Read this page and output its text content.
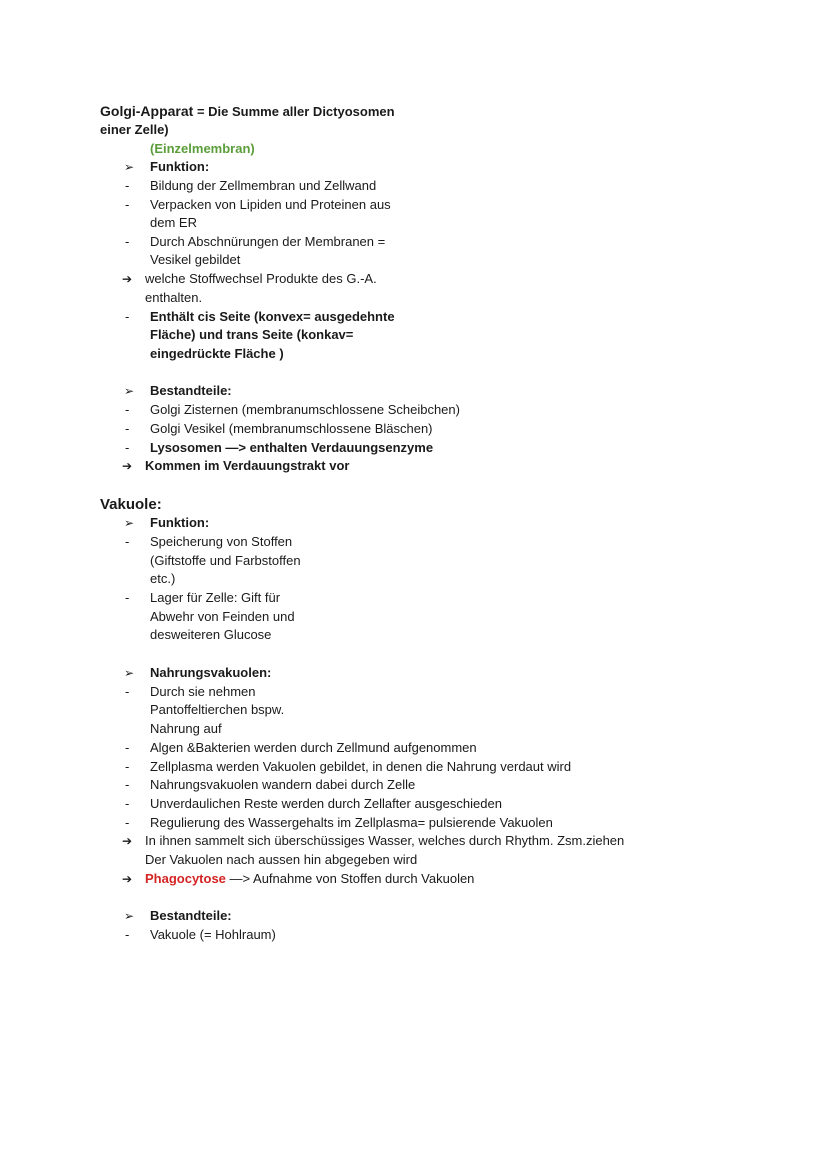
Golgi-Apparat = Die Summe aller Dictyosomen
einer Zelle)
(Einzelmembran)
➢ Funktion:
- Bildung der Zellmembran und Zellwand
- Verpacken von Lipiden und Proteinen aus
dem ER
- Durch Abschnürungen der Membranen =
Vesikel gebildet
➔ welche Stoffwechsel Produkte des G.-A.
enthalten.
- Enthält cis Seite (konvex= ausgedehnte
Fläche) und trans Seite (konkav=
eingedrückte Fläche )
➢ Bestandteile:
- Golgi Zisternen (membranumschlossene Scheibchen)
- Golgi Vesikel (membranumschlossene Bläschen)
- Lysosomen —> enthalten Verdauungsenzyme
➔ Kommen im Verdauungstrakt vor
Vakuole:
➢ Funktion:
- Speicherung von Stoffen
(Giftstoffe und Farbstoffen
etc.)
- Lager für Zelle: Gift für
Abwehr von Feinden und
desweiteren Glucose
➢ Nahrungsvakuolen:
- Durch sie nehmen
Pantoffeltierchen bspw.
Nahrung auf
- Algen &Bakterien werden durch Zellmund aufgenommen
- Zellplasma werden Vakuolen gebildet, in denen die Nahrung verdaut wird
- Nahrungsvakuolen wandern dabei durch Zelle
- Unverdaulichen Reste werden durch Zellafter ausgeschieden
- Regulierung des Wassergehalts im Zellplasma= pulsierende Vakuolen
➔ In ihnen sammelt sich überschüssiges Wasser, welches durch Rhythm. Zsm.ziehen
Der Vakuolen nach aussen hin abgegeben wird
➔ Phagocytose —> Aufnahme von Stoffen durch Vakuolen
➢ Bestandteile:
- Vakuole (= Hohlraum)
